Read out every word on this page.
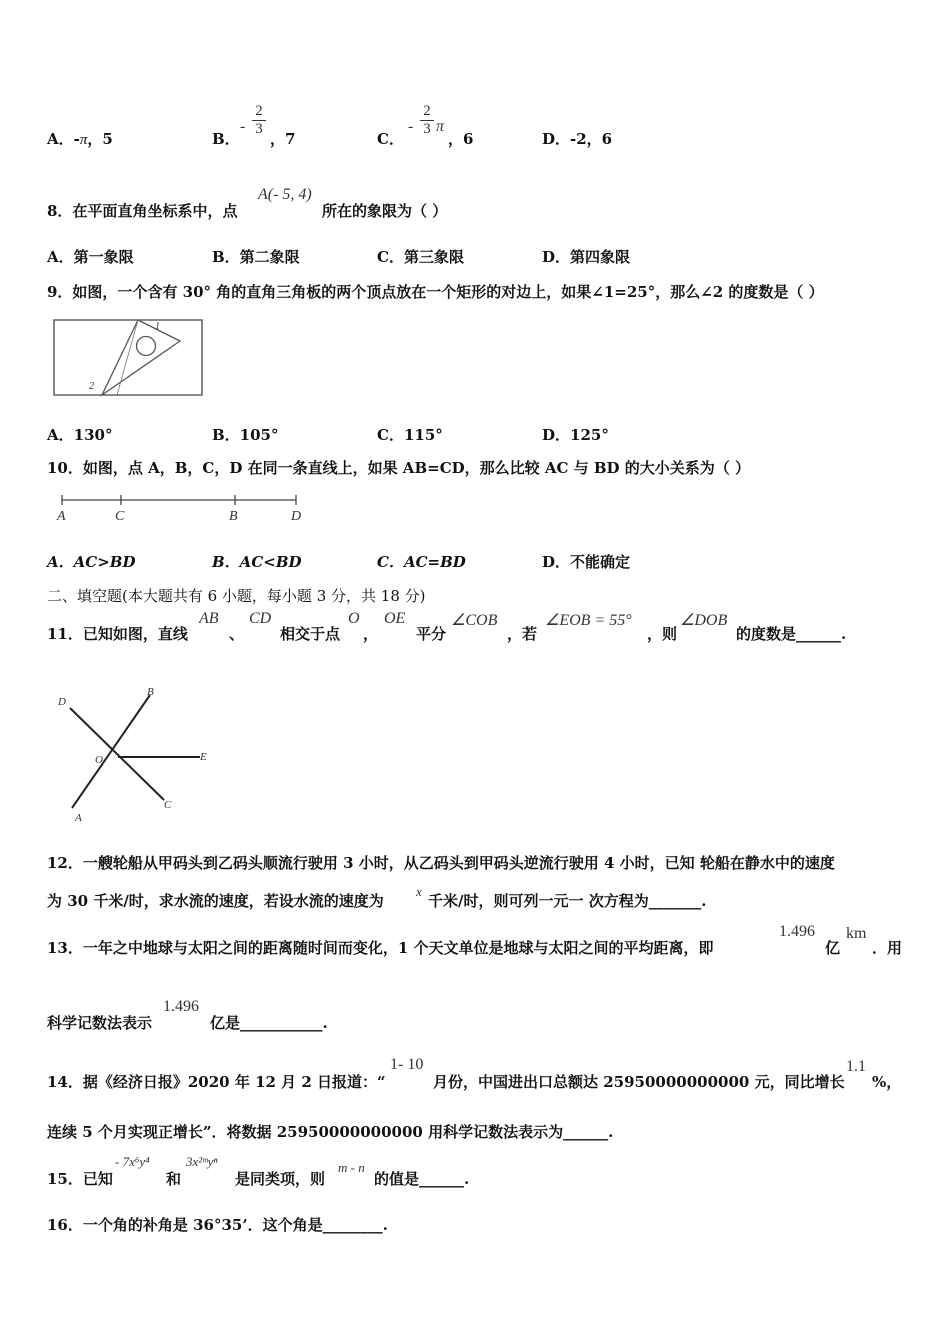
A．-π，5	B．
- $\frac{2}{3}$
，7	C．
- $\frac{2}{3}$ π
，6	D．-2，6
8．在平面直角坐标系中，点
A(- 5, 4)
所在的象限为（ ）
A．第一象限	B．第二象限	C．第三象限	D．第四象限
9．如图，一个含有 30° 角的直角三角板的两个顶点放在一个矩形的对边上，如果∠1=25°，那么∠2 的度数是（ ）
1
2
A．130°	B．105°	C．115°	D．125°
10．如图，点 A，B，C，D 在同一条直线上，如果 AB=CD，那么比较 AC 与 BD 的大小关系为（ ）
A	C	B	D
A．AC>BD	B．AC<BD	C．AC=BD	D．不能确定
二、填空题(本大题共有 6 小题，每小题 3 分，共 18 分)
11．已知如图，直线
AB
、
CD
相交于点
O
，
OE
平分
∠COB
，若
∠EOB = 55°
，则
∠DOB
的度数是______.
D
B
O	E
A
C
12．一艘轮船从甲码头到乙码头顺流行驶用 3 小时，从乙码头到甲码头逆流行驶用 4 小时，已知 轮船在静水中的速度
为 30 千米/时，求水流的速度，若设水流的速度为
x
千米/时，则可列一元一 次方程为_______.
13．一年之中地球与太阳之间的距离随时间而变化，1 个天文单位是地球与太阳之间的平均距离，即
1.496
亿
km
．用
科学记数法表示
1.496
亿是___________.
14．据《经济日报》2020 年 12 月 2 日报道：“
1- 10
月份，中国进出口总额达 25950000000000 元，同比增长
1.1
%，
连续 5 个月实现正增长”．将数据 25950000000000 用科学记数法表示为______.
15．已知
- 7x⁶y⁴
和
3x²ᵐyⁿ
是同类项，则
m - n
的值是______.
16．一个角的补角是 36°35’．这个角是________.
